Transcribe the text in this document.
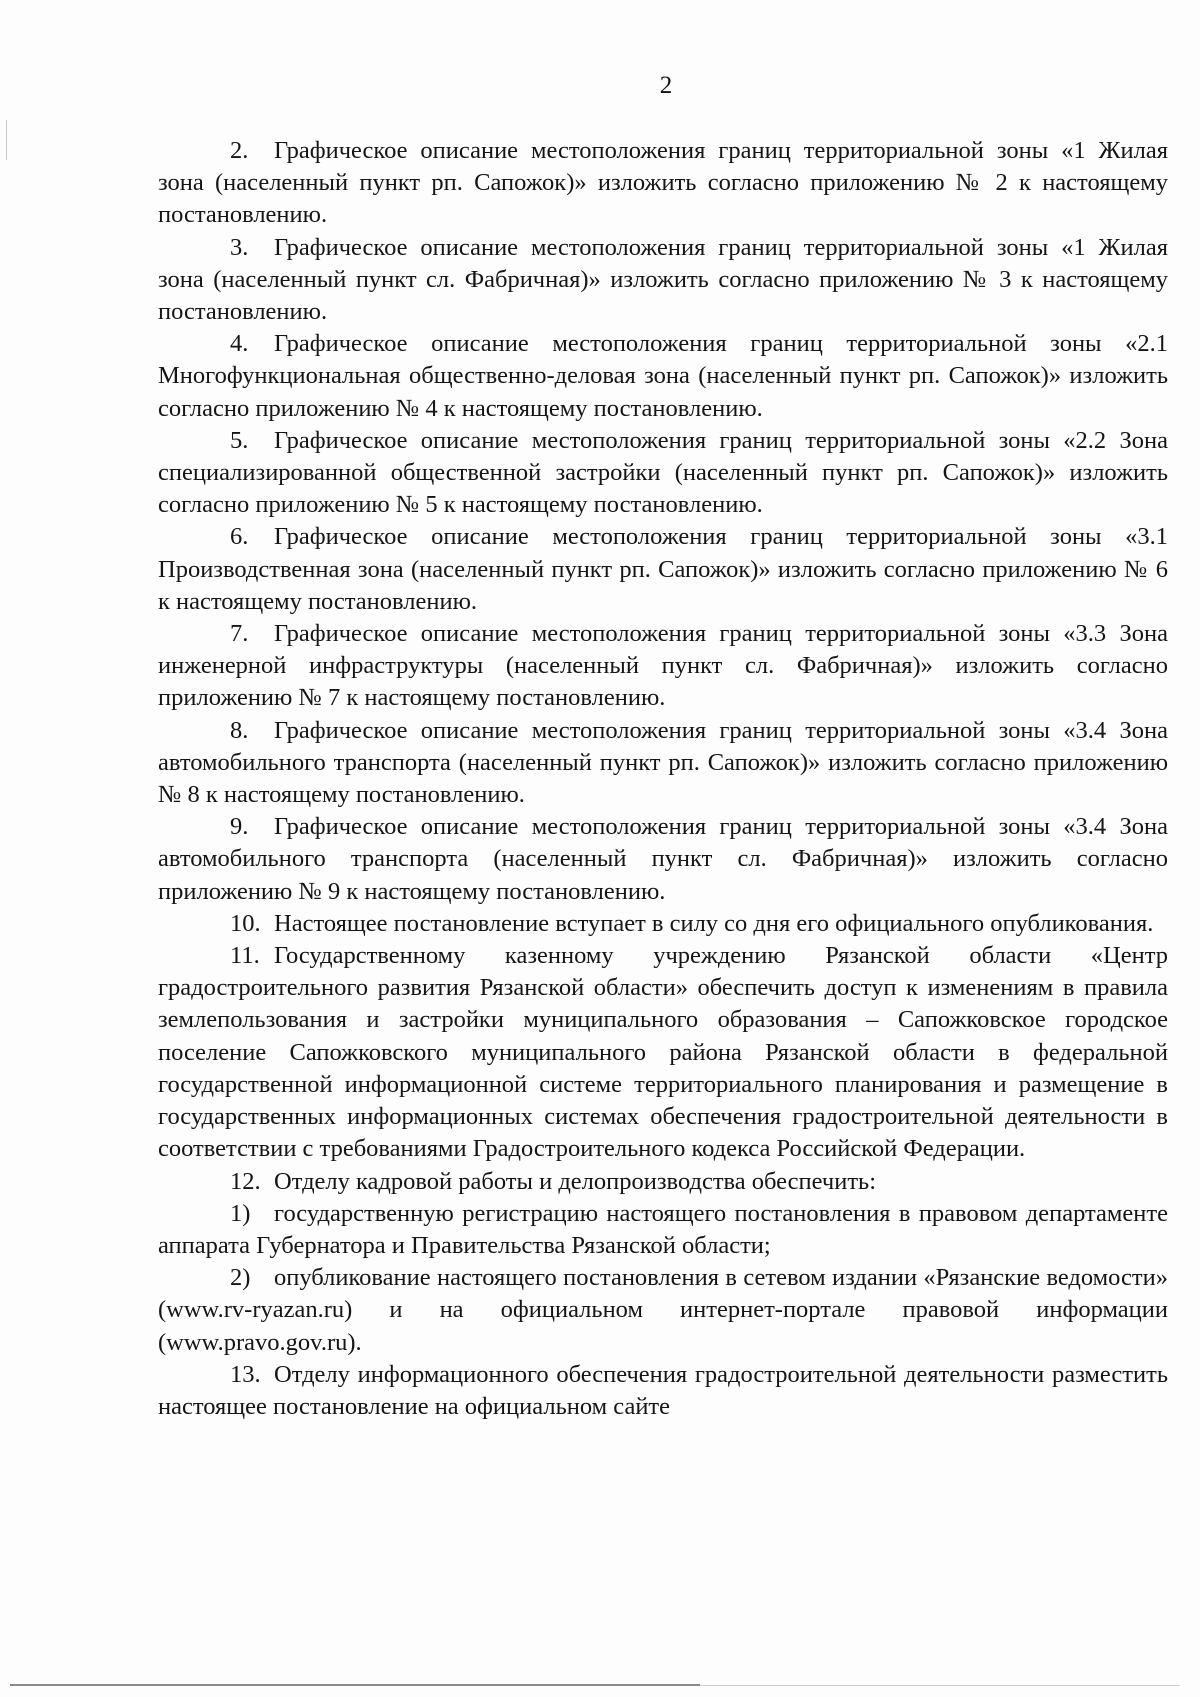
2

2. Графическое описание местоположения границ территориальной зоны «1 Жилая зона (населенный пункт рп. Сапожок)» изложить согласно приложению № 2 к настоящему постановлению.

3. Графическое описание местоположения границ территориальной зоны «1 Жилая зона (населенный пункт сл. Фабричная)» изложить согласно приложению № 3 к настоящему постановлению.

4. Графическое описание местоположения границ территориальной зоны «2.1 Многофункциональная общественно-деловая зона (населенный пункт рп. Сапожок)» изложить согласно приложению № 4 к настоящему постановлению.

5. Графическое описание местоположения границ территориальной зоны «2.2 Зона специализированной общественной застройки (населенный пункт рп. Сапожок)» изложить согласно приложению № 5 к настоящему постановлению.

6. Графическое описание местоположения границ территориальной зоны «3.1 Производственная зона (населенный пункт рп. Сапожок)» изложить согласно приложению № 6 к настоящему постановлению.

7. Графическое описание местоположения границ территориальной зоны «3.3 Зона инженерной инфраструктуры (населенный пункт сл. Фабричная)» изложить согласно приложению № 7 к настоящему постановлению.

8. Графическое описание местоположения границ территориальной зоны «3.4 Зона автомобильного транспорта (населенный пункт рп. Сапожок)» изложить согласно приложению № 8 к настоящему постановлению.

9. Графическое описание местоположения границ территориальной зоны «3.4 Зона автомобильного транспорта (населенный пункт сл. Фабричная)» изложить согласно приложению № 9 к настоящему постановлению.

10. Настоящее постановление вступает в силу со дня его официального опубликования.

11. Государственному казенному учреждению Рязанской области «Центр градостроительного развития Рязанской области» обеспечить доступ к изменениям в правила землепользования и застройки муниципального образования – Сапожковское городское поселение Сапожковского муниципального района Рязанской области в федеральной государственной информационной системе территориального планирования и размещение в государственных информационных системах обеспечения градостроительной деятельности в соответствии с требованиями Градостроительного кодекса Российской Федерации.

12. Отделу кадровой работы и делопроизводства обеспечить:

1) государственную регистрацию настоящего постановления в правовом департаменте аппарата Губернатора и Правительства Рязанской области;

2) опубликование настоящего постановления в сетевом издании «Рязанские ведомости» (www.rv-ryazan.ru) и на официальном интернет-портале правовой информации (www.pravo.gov.ru).

13. Отделу информационного обеспечения градостроительной деятельности разместить настоящее постановление на официальном сайте
